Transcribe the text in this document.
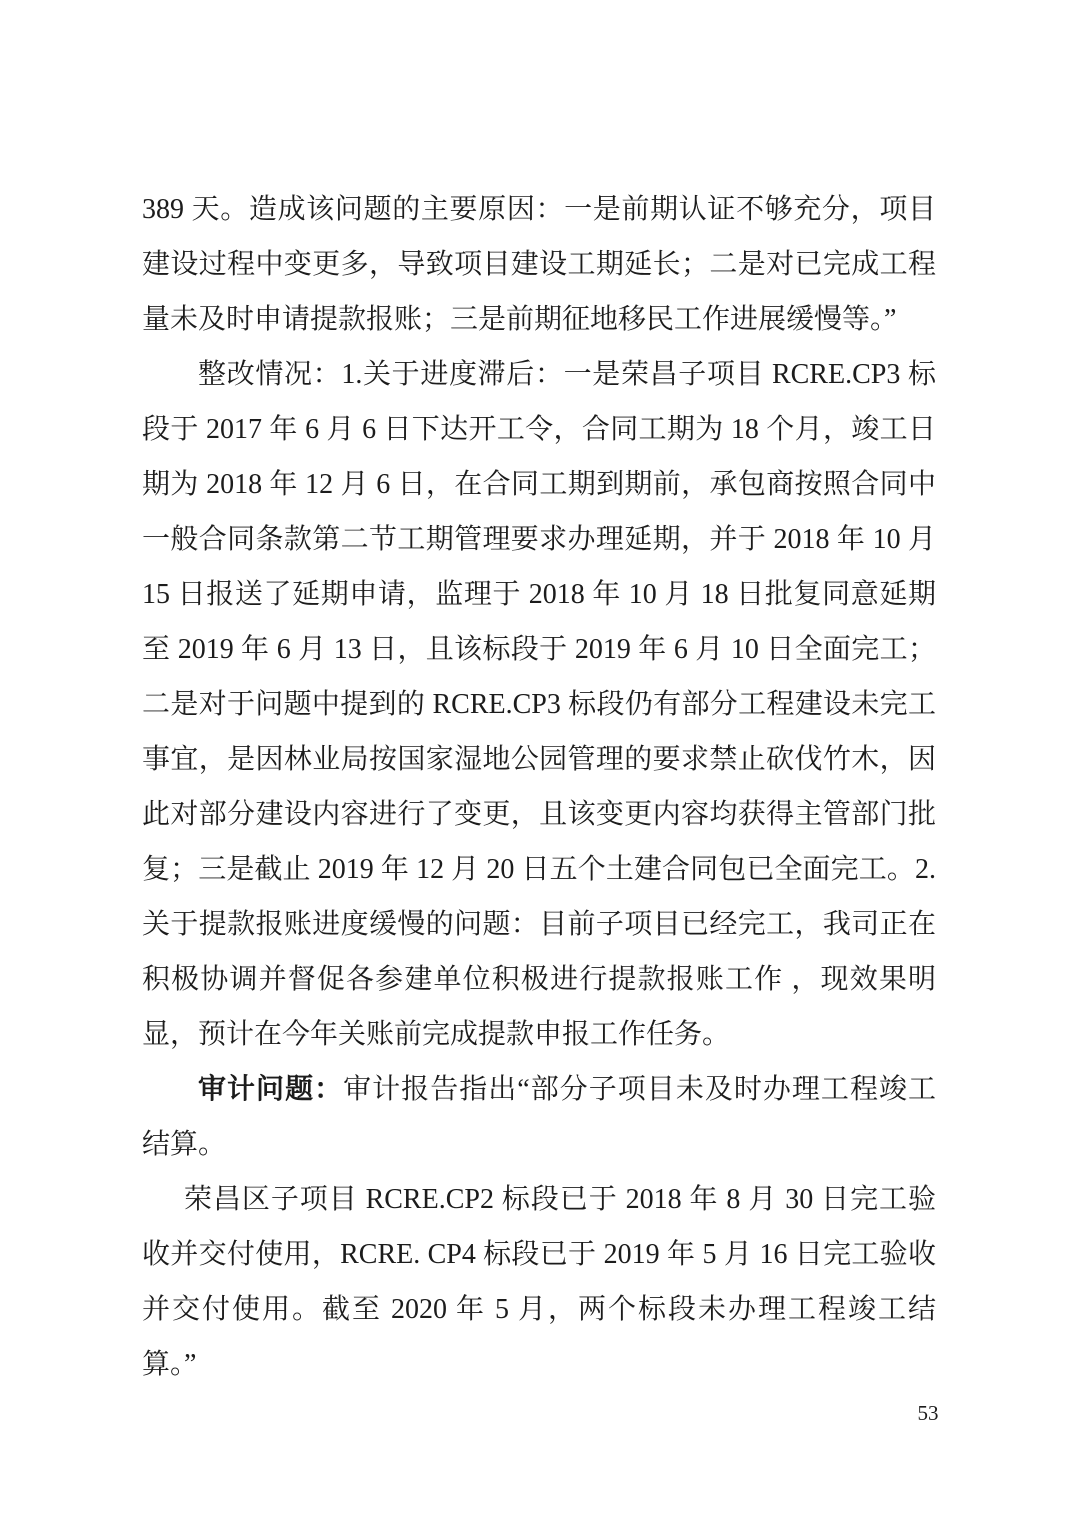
389 天。造成该问题的主要原因：一是前期认证不够充分，项目建设过程中变更多，导致项目建设工期延长；二是对已完成工程量未及时申请提款报账；三是前期征地移民工作进展缓慢等。”

整改情况：1.关于进度滞后：一是荣昌子项目 RCRE.CP3 标段于 2017 年 6 月 6 日下达开工令，合同工期为 18 个月，竣工日期为 2018 年 12 月 6 日，在合同工期到期前，承包商按照合同中一般合同条款第二节工期管理要求办理延期，并于 2018 年 10 月 15 日报送了延期申请，监理于 2018 年 10 月 18 日批复同意延期至 2019 年 6 月 13 日，且该标段于 2019 年 6 月 10 日全面完工；二是对于问题中提到的 RCRE.CP3 标段仍有部分工程建设未完工事宜，是因林业局按国家湿地公园管理的要求禁止砍伐竹木，因此对部分建设内容进行了变更，且该变更内容均获得主管部门批复；三是截止 2019 年 12 月 20 日五个土建合同包已全面完工。2.关于提款报账进度缓慢的问题：目前子项目已经完工，我司正在积极协调并督促各参建单位积极进行提款报账工作 ，现效果明显，预计在今年关账前完成提款申报工作任务。

审计问题：审计报告指出“部分子项目未及时办理工程竣工结算。

荣昌区子项目 RCRE.CP2 标段已于 2018 年 8 月 30 日完工验收并交付使用，RCRE. CP4 标段已于 2019 年 5 月 16 日完工验收并交付使用。截至 2020 年 5 月，两个标段未办理工程竣工结算。”

53
